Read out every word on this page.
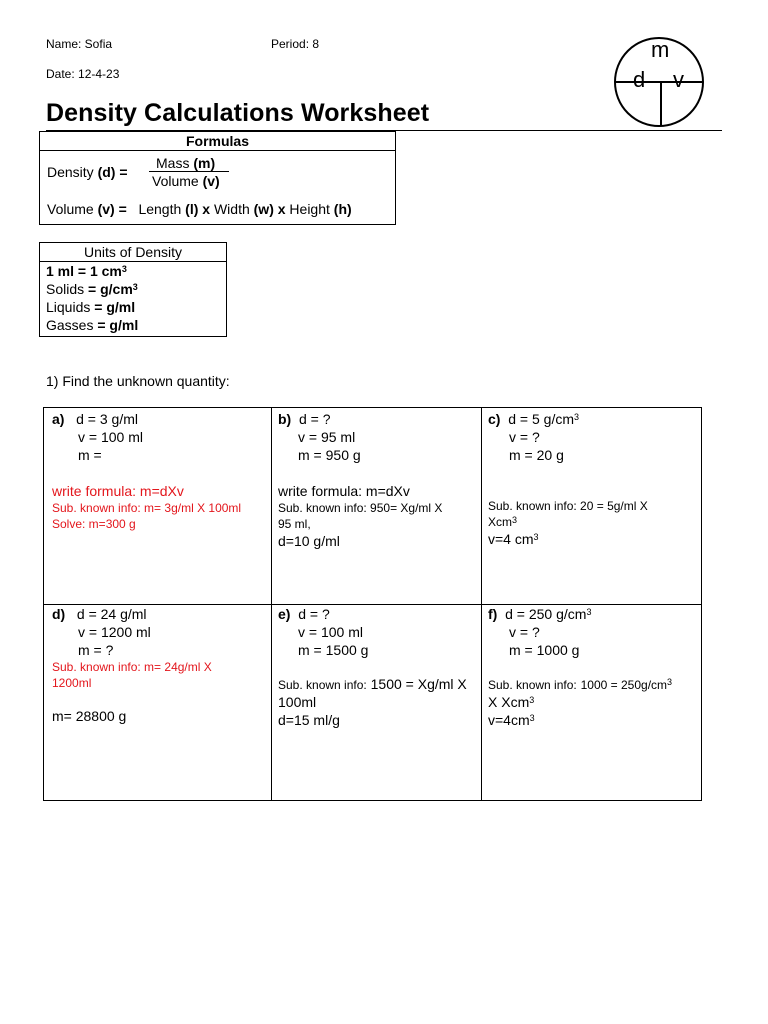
Name: Sofia	Period: 8
Date: 12-4-23
Density Calculations Worksheet
m
d v
Formulas
Density (d) =
Mass (m)
Volume (v)
Volume (v) = Length (l) x Width (w) x Height (h)
Units of Density
1 ml = 1 $cm^3$
Solids = $g/cm^3$
Liquids = g/ml
Gasses = g/ml
1) Find the unknown quantity:
a) d = 3 g/ml
v = 100 ml
m =
write formula: m=dXv
Sub. known info: m= 3g/ml X 100ml
Solve: m=300 g
b) d = ?
v = 95 ml
m = 950 g
write formula: m=dXv
Sub. known info: 950= Xg/ml X
95 ml,
d=10 g/ml
c) d = 5 $g/cm^3$
v = ?
m = 20 g
Sub. known info: 20 = 5g/ml X
Xcm$^3$
v=4 $cm^3$
d) d = 24 g/ml
v = 1200 ml
m = ?
Sub. known info: m= 24g/ml X
1200ml
m= 28800 g
e) d = ?
v = 100 ml
m = 1500 g
Sub. known info: 1500 = Xg/ml X
100ml
d=15 ml/g
f) d = 250 $g/cm^3$
v = ?
m = 1000 g
Sub. known info: $1000 = 250g/cm^3$
X Xcm$^3$
$v=4cm^3$
